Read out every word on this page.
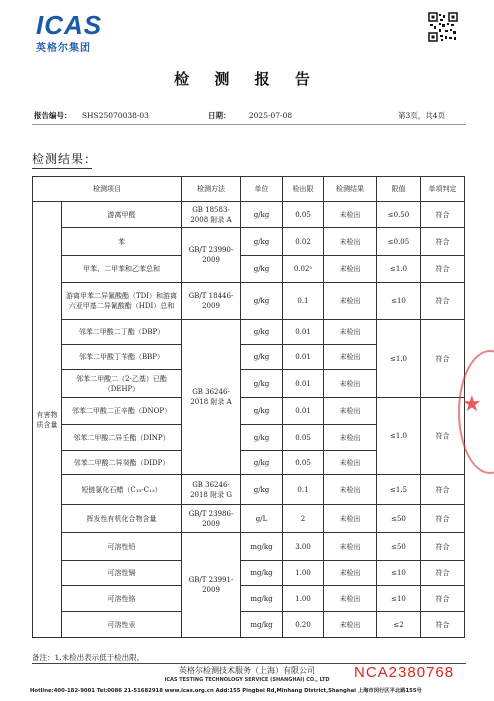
ICAS
英格尔集团
检 测 报 告
报告编号： SHS25070038-03	日期： 2025-07-08	第3页，共4页
检测结果：
检测项目		检测方法	单位	检出限	检测结果	限值	单项判定
有害物质含量	游离甲醛	GB 18583-2008 附录 A	g/kg	0.05	未检出	≤0.50	符合
	苯	GB/T 23990-2009	g/kg	0.02	未检出	≤0.05	符合
	甲苯、二甲苯和乙苯总和		g/kg	0.02ᵃ	未检出	≤1.0	符合
	游离甲苯二异氰酸酯（TDI）和游离六亚甲基二异氰酸酯（HDI）总和	GB/T 18446-2009	g/kg	0.1	未检出	≤10	符合
	邻苯二甲酸二丁酯（DBP）	GB 36246-2018 附录 A	g/kg	0.01	未检出	≤1.0	符合
	邻苯二甲酸丁苄酯（BBP）		g/kg	0.01	未检出		
	邻苯二甲酸二（2-乙基）已酯（DEHP）		g/kg	0.01	未检出		
	邻苯二甲酸二正辛酯（DNOP）		g/kg	0.01	未检出	≤1.0	符合
	邻苯二甲酸二异壬酯（DINP）		g/kg	0.05	未检出		
	邻苯二甲酸二异癸酯（DIDP）		g/kg	0.05	未检出		
	短链氯化石蜡（C₁₀-C₁₃）	GB 36246-2018 附录 G	g/kg	0.1	未检出	≤1.5	符合
	挥发性有机化合物含量	GB/T 23986-2009	g/L	2	未检出	≤50	符合
	可溶性铅	GB/T 23991-2009	mg/kg	3.00	未检出	≤50	符合
	可溶性镉		mg/kg	1.00	未检出	≤10	符合
	可溶性铬		mg/kg	1.00	未检出	≤10	符合
	可溶性汞		mg/kg	0.20	未检出	≤2	符合
★
备注：1.未检出表示低于检出限。
英格尔检测技术服务（上海）有限公司	NCA2380768
ICAS TESTING TECHNOLOGY SERVICE (SHANGHAI) CO., LTD
Hotline:400-182-9001 Tel:0086 21-51682918 www.icas.org.cn Add:155 Pingbei Rd,Minhang District,Shanghai 上海市闵行区平北路155号
